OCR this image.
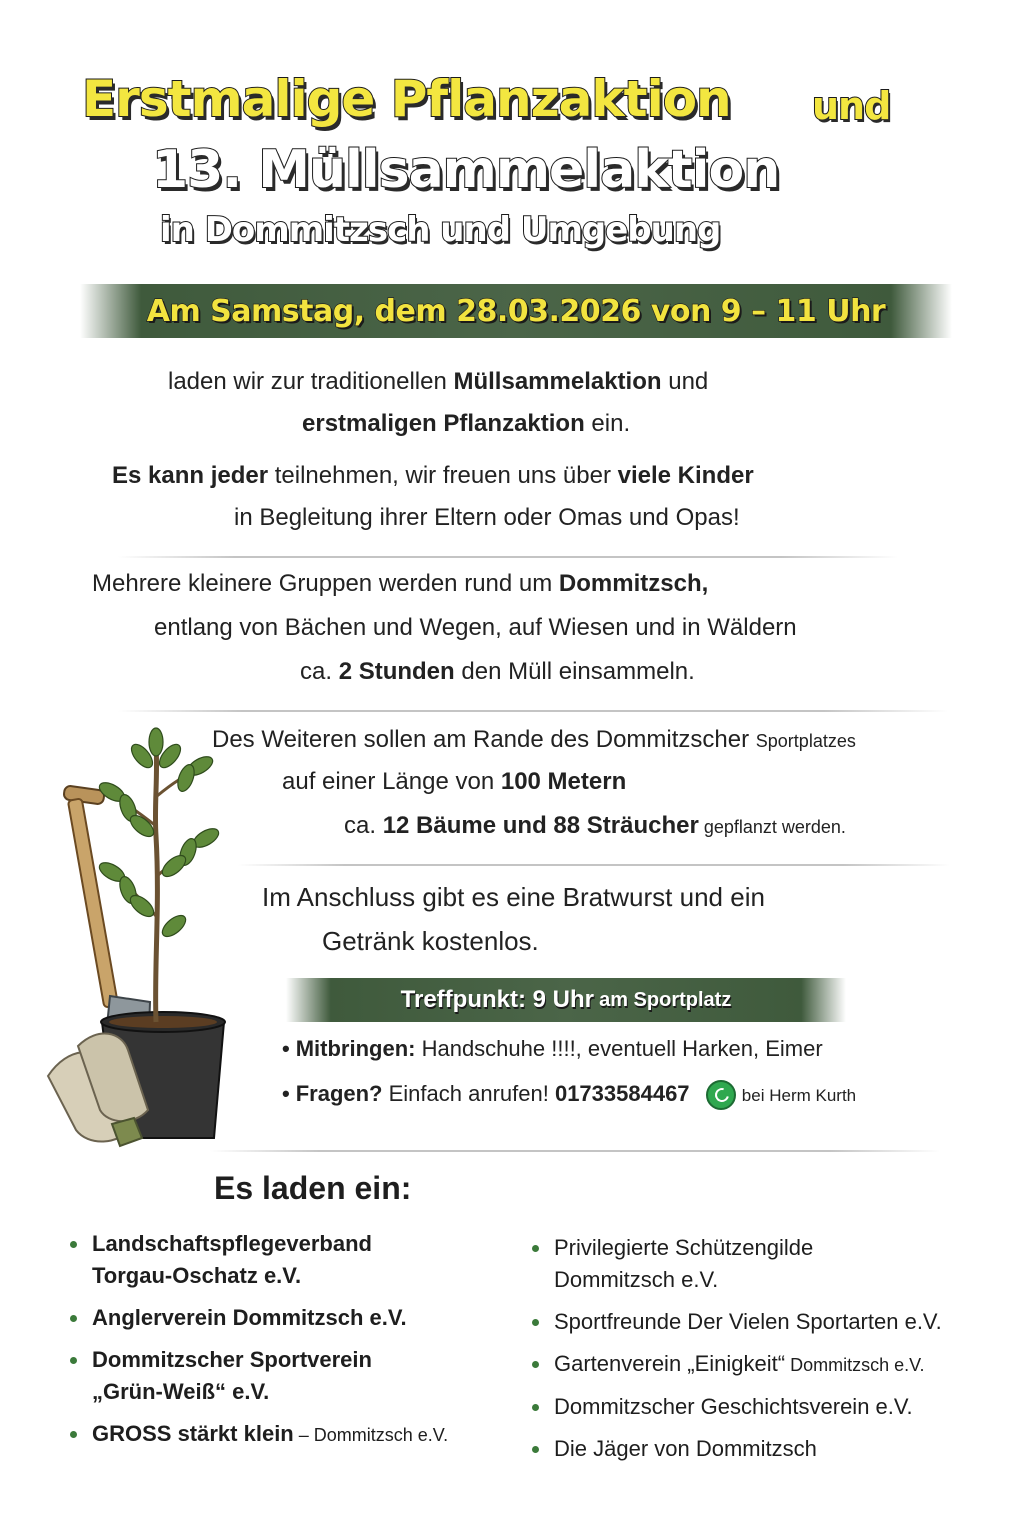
Erstmalige Pflanzaktion und
13. Müllsammelaktion
in Dommitzsch und Umgebung
Am Samstag, dem 28.03.2026 von 9 – 11 Uhr
laden wir zur traditionellen Müllsammelaktion und
erstmaligen Pflanzaktion ein.
Es kann jeder teilnehmen, wir freuen uns über viele Kinder
in Begleitung ihrer Eltern oder Omas und Opas!
Mehrere kleinere Gruppen werden rund um Dommitzsch,
entlang von Bächen und Wegen, auf Wiesen und in Wäldern
ca. 2 Stunden den Müll einsammeln.
Des Weiteren sollen am Rande des Dommitzscher Sportplatzes
auf einer Länge von 100 Metern
ca. 12 Bäume und 88 Sträucher gepflanzt werden.
Im Anschluss gibt es eine Bratwurst und ein
Getränk kostenlos.
Treffpunkt: 9 Uhr
am Sportplatz
• Mitbringen: Handschuhe !!!!, eventuell Harken, Eimer
• Fragen? Einfach anrufen! 01733584467	bei Herm Kurth
Es laden ein:
Landschaftspflegeverband
Torgau-Oschatz e.V.
Anglerverein Dommitzsch e.V.
Dommitzscher Sportverein
„Grün-Weiß“ e.V.
GROSS stärkt klein – Dommitzsch e.V.
Privilegierte Schützengilde
Dommitzsch e.V.
Sportfreunde Der Vielen Sportarten e.V.
Gartenverein „Einigkeit“ Dommitzsch e.V.
Dommitzscher Geschichtsverein e.V.
Die Jäger von Dommitzsch
